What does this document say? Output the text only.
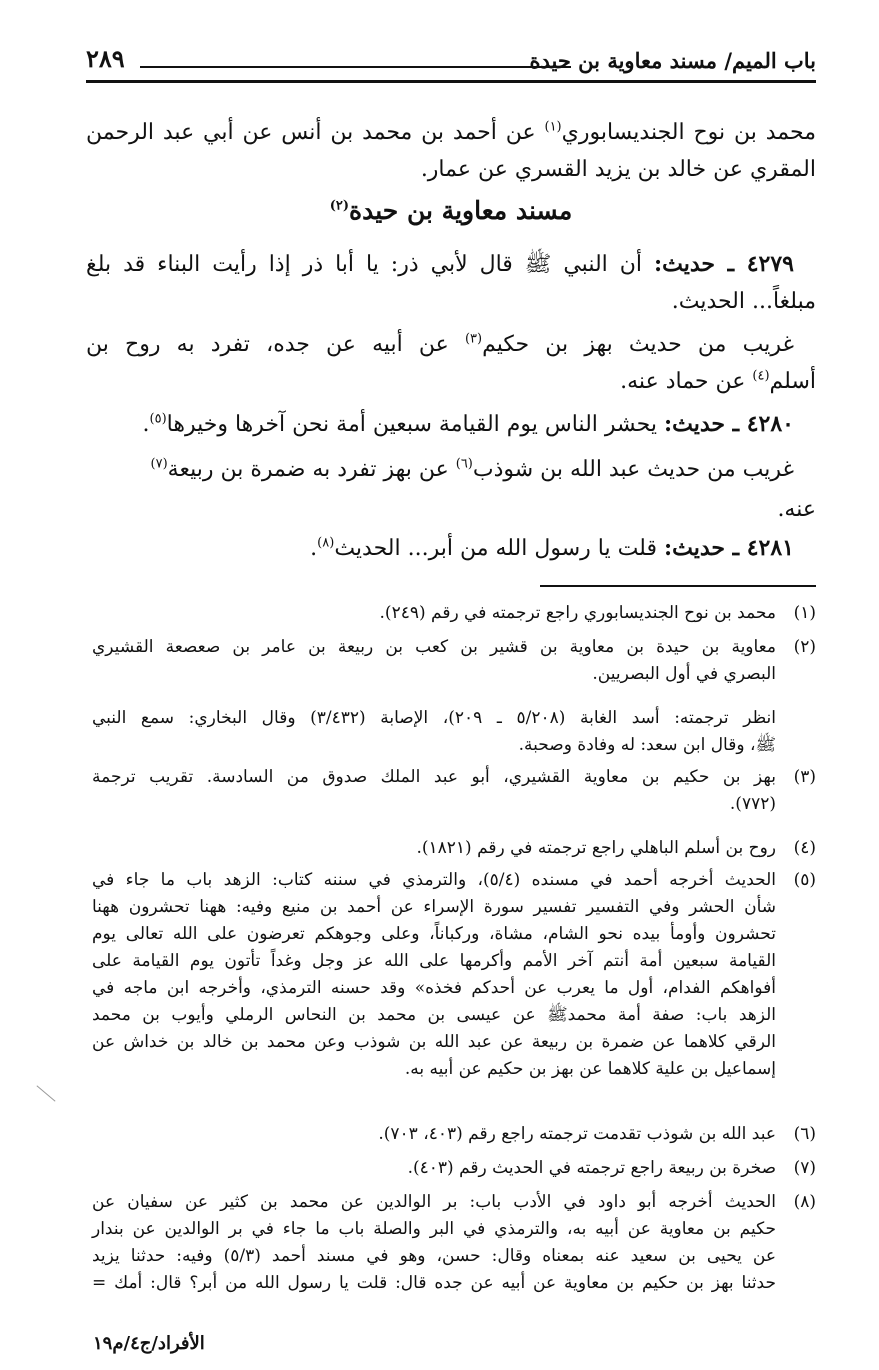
باب الميم/ مسند معاوية بن حيدة
٢٨٩

محمد بن نوح الجنديسابوري$^{(١)}$ عن أحمد بن محمد بن أنس عن أبي عبد الرحمن

المقري عن خالد بن يزيد القسري عن عمار.

مسند معاوية بن حيدة$^{(٢)}$

٤٢٧٩ ـ حديث: أن النبي ﷺ قال لأبي ذر: يا أبا ذر إذا رأيت البناء قد بلغ

مبلغاً... الحديث.

غريب من حديث بهز بن حكيم$^{(٣)}$ عن أبيه عن جده، تفرد به روح بن

أسلم$^{(٤)}$ عن حماد عنه.

٤٢٨٠ ـ حديث: يحشر الناس يوم القيامة سبعين أمة نحن آخرها وخيرها$^{(٥)}$.

غريب من حديث عبد الله بن شوذب$^{(٦)}$ عن بهز تفرد به ضمرة بن ربيعة$^{(٧)}$

عنه.

٤٢٨١ ـ حديث: قلت يا رسول الله من أبر... الحديث$^{(٨)}$.

(١)
محمد بن نوح الجنديسابوري راجع ترجمته في رقم (٢٤٩).
(٢)
معاوية بن حيدة بن معاوية بن قشير بن كعب بن ربيعة بن عامر بن صعصعة القشيري
البصري في أول البصريين.
انظر ترجمته: أسد الغابة (٥/٢٠٨ ـ ٢٠٩)، الإصابة (٣/٤٣٢) وقال البخاري: سمع النبي
ﷺ، وقال ابن سعد: له وفادة وصحبة.
(٣)
بهز بن حكيم بن معاوية القشيري، أبو عبد الملك صدوق من السادسة. تقريب ترجمة
(٧٧٢).
(٤)
روح بن أسلم الباهلي راجع ترجمته في رقم (١٨٢١).
(٥)
الحديث أخرجه أحمد في مسنده (٥/٤)، والترمذي في سننه كتاب: الزهد باب ما جاء في
شأن الحشر وفي التفسير تفسير سورة الإسراء عن أحمد بن منيع وفيه: ههنا تحشرون ههنا
تحشرون وأومأ بيده نحو الشام، مشاة، وركباناً، وعلى وجوهكم تعرضون على الله تعالى يوم
القيامة سبعين أمة أنتم آخر الأمم وأكرمها على الله عز وجل وغداً تأتون يوم القيامة على
أفواهكم الفدام، أول ما يعرب عن أحدكم فخذه» وقد حسنه الترمذي، وأخرجه ابن ماجه في
الزهد باب: صفة أمة محمدﷺ عن عيسى بن محمد بن النحاس الرملي وأيوب بن محمد
الرقي كلاهما عن ضمرة بن ربيعة عن عبد الله بن شوذب وعن محمد بن خالد بن خداش عن
إسماعيل بن علية كلاهما عن بهز بن حكيم عن أبيه به.
(٦)
عبد الله بن شوذب تقدمت ترجمته راجع رقم (٤٠٣، ٧٠٣).
(٧)
صخرة بن ربيعة راجع ترجمته في الحديث رقم (٤٠٣).
(٨)
الحديث أخرجه أبو داود في الأدب باب: بر الوالدين عن محمد بن كثير عن سفيان عن
حكيم بن معاوية عن أبيه به، والترمذي في البر والصلة باب ما جاء في بر الوالدين عن بندار
عن يحيى بن سعيد عنه بمعناه وقال: حسن، وهو في مسند أحمد (٥/٣) وفيه: حدثنا يزيد
حدثنا بهز بن حكيم بن معاوية عن أبيه عن جده قال: قلت يا رسول الله من أبر؟ قال: أمك =
الأفراد/ج٤/م١٩
